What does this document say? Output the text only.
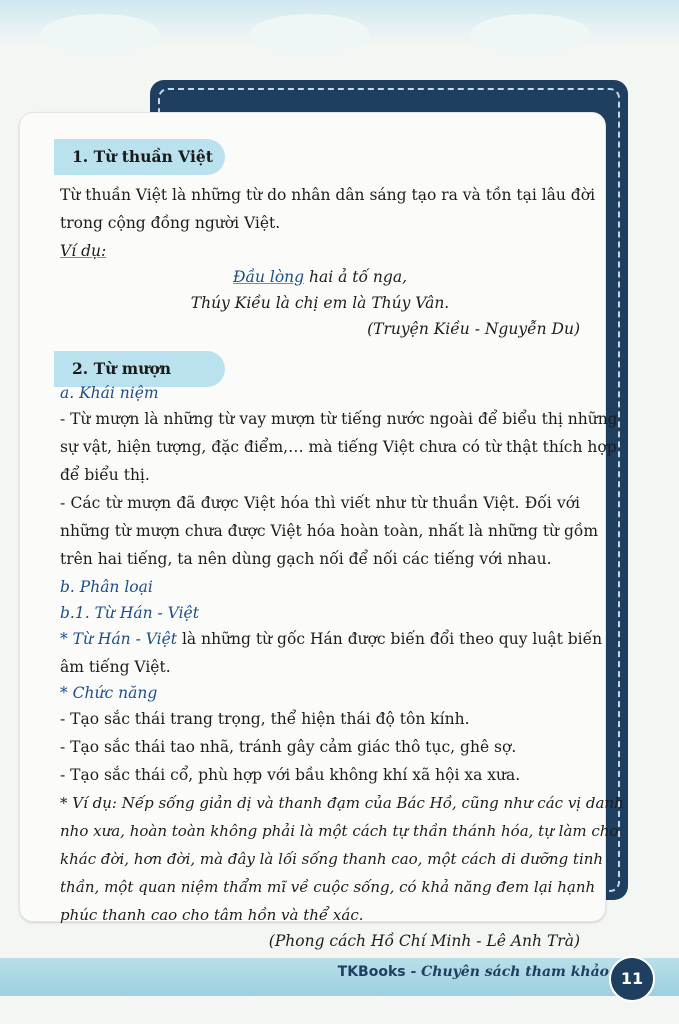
1. Từ thuần Việt
Từ thuần Việt là những từ do nhân dân sáng tạo ra và tồn tại lâu đời
trong cộng đồng người Việt.
Ví dụ:
Đầu lòng hai ả tố nga,
Thúy Kiều là chị em là Thúy Vân.
(Truyện Kiều - Nguyễn Du)
2. Từ mượn
a. Khái niệm
- Từ mượn là những từ vay mượn từ tiếng nước ngoài để biểu thị những
sự vật, hiện tượng, đặc điểm,… mà tiếng Việt chưa có từ thật thích hợp
để biểu thị.
- Các từ mượn đã được Việt hóa thì viết như từ thuần Việt. Đối với
những từ mượn chưa được Việt hóa hoàn toàn, nhất là những từ gồm
trên hai tiếng, ta nên dùng gạch nối để nối các tiếng với nhau.
b. Phân loại
b.1. Từ Hán - Việt
* Từ Hán - Việt là những từ gốc Hán được biến đổi theo quy luật biến
âm tiếng Việt.
* Chức năng
- Tạo sắc thái trang trọng, thể hiện thái độ tôn kính.
- Tạo sắc thái tao nhã, tránh gây cảm giác thô tục, ghê sợ.
- Tạo sắc thái cổ, phù hợp với bầu không khí xã hội xa xưa.
* Ví dụ: Nếp sống giản dị và thanh đạm của Bác Hồ, cũng như các vị danh
nho xưa, hoàn toàn không phải là một cách tự thần thánh hóa, tự làm cho
khác đời, hơn đời, mà đây là lối sống thanh cao, một cách di dưỡng tinh
thần, một quan niệm thẩm mĩ về cuộc sống, có khả năng đem lại hạnh
phúc thanh cao cho tâm hồn và thể xác.
(Phong cách Hồ Chí Minh - Lê Anh Trà)
TKBooks - Chuyên sách tham khảo 11
